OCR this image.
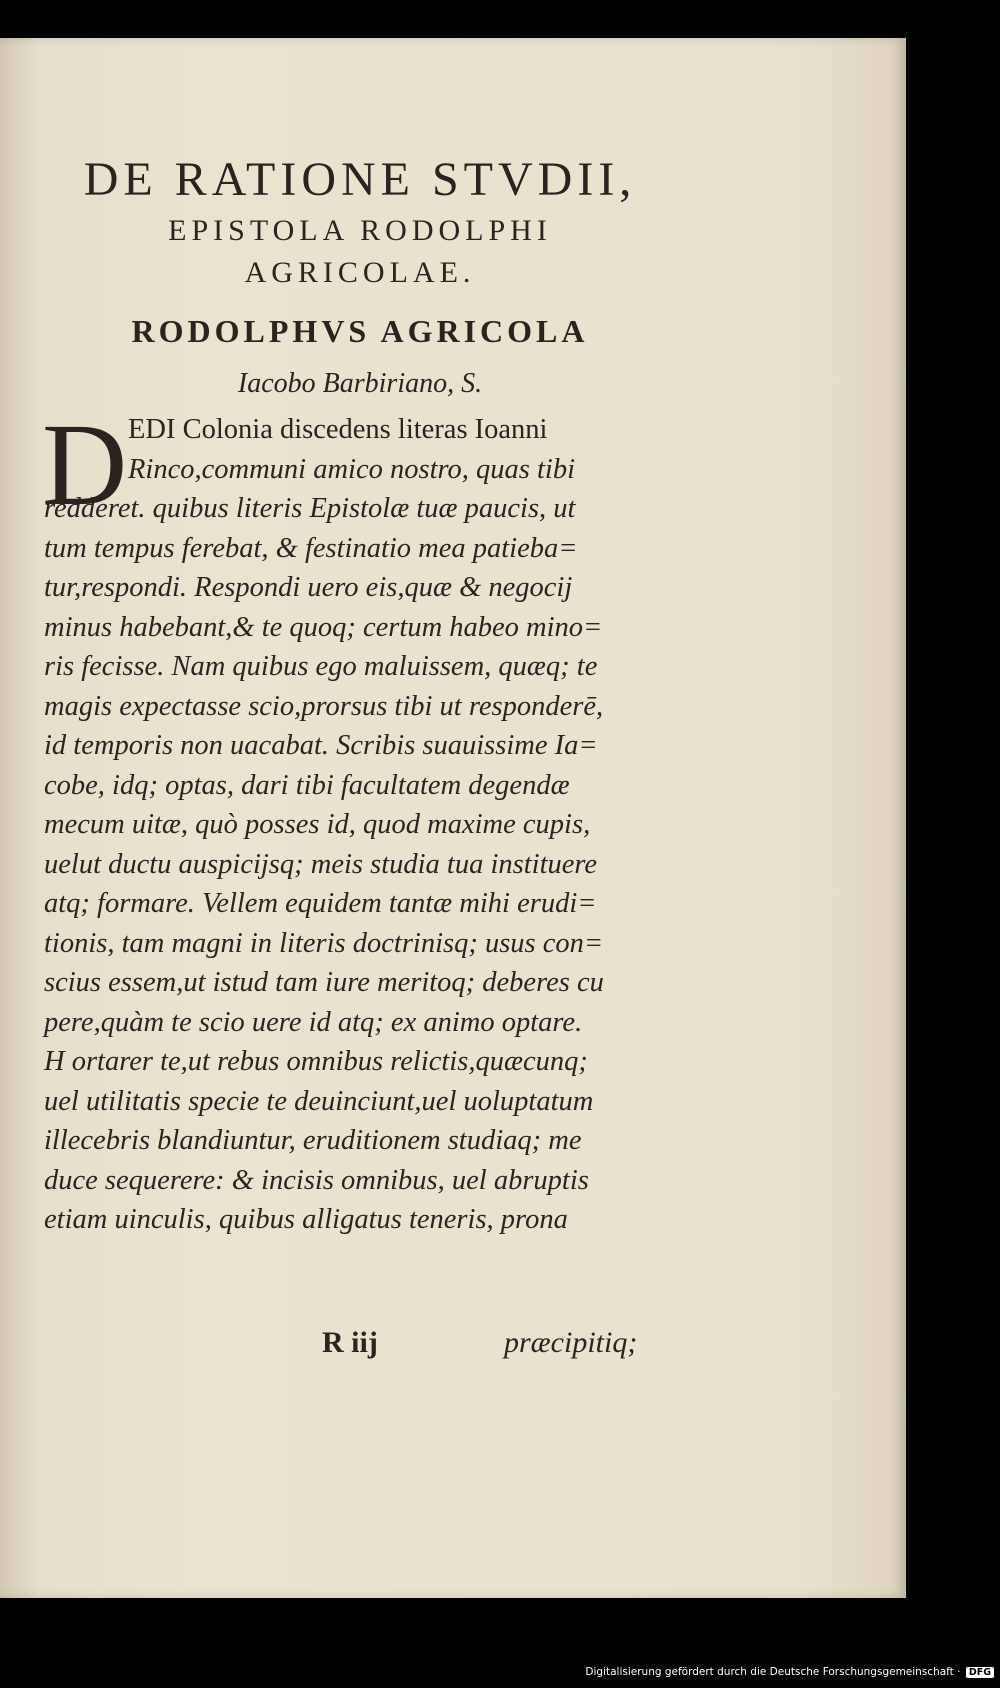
DE RATIONE STVDII,
EPISTOLA RODOLPHI
AGRICOLAE.
RODOLPHVS AGRICOLA
Iacobo Barbiriano, S.
D EDI Colonia discedens literas Ioanni
Rinco,communi amico nostro, quas tibi
redderet. quibus literis Epistolæ tuæ paucis, ut
tum tempus ferebat, & festinatio mea patieba=
tur,respondi. Respondi uero eis,quæ & negocij
minus habebant,& te quoq; certum habeo mino=
ris fecisse. Nam quibus ego maluissem, quæq; te
magis expectasse scio,prorsus tibi ut responderē,
id temporis non uacabat. Scribis suauissime Ia=
cobe, idq; optas, dari tibi facultatem degendæ
mecum uitæ, quò posses id, quod maxime cupis,
uelut ductu auspicijsq; meis studia tua instituere
atq; formare. Vellem equidem tantæ mihi erudi=
tionis, tam magni in literis doctrinisq; usus con=
scius essem,ut istud tam iure meritoq; deberes cu
pere,quàm te scio uere id atq; ex animo optare.
H ortarer te,ut rebus omnibus relictis,quæcunq;
uel utilitatis specie te deuinciunt,uel uoluptatum
illecebris blandiuntur, eruditionem studiaq; me
duce sequerere: & incisis omnibus, uel abruptis
etiam uinculis, quibus alligatus teneris, prona
R iij	præcipitiq;
Digitalisierung gefördert durch die Deutsche Forschungsgemeinschaft · DFG
